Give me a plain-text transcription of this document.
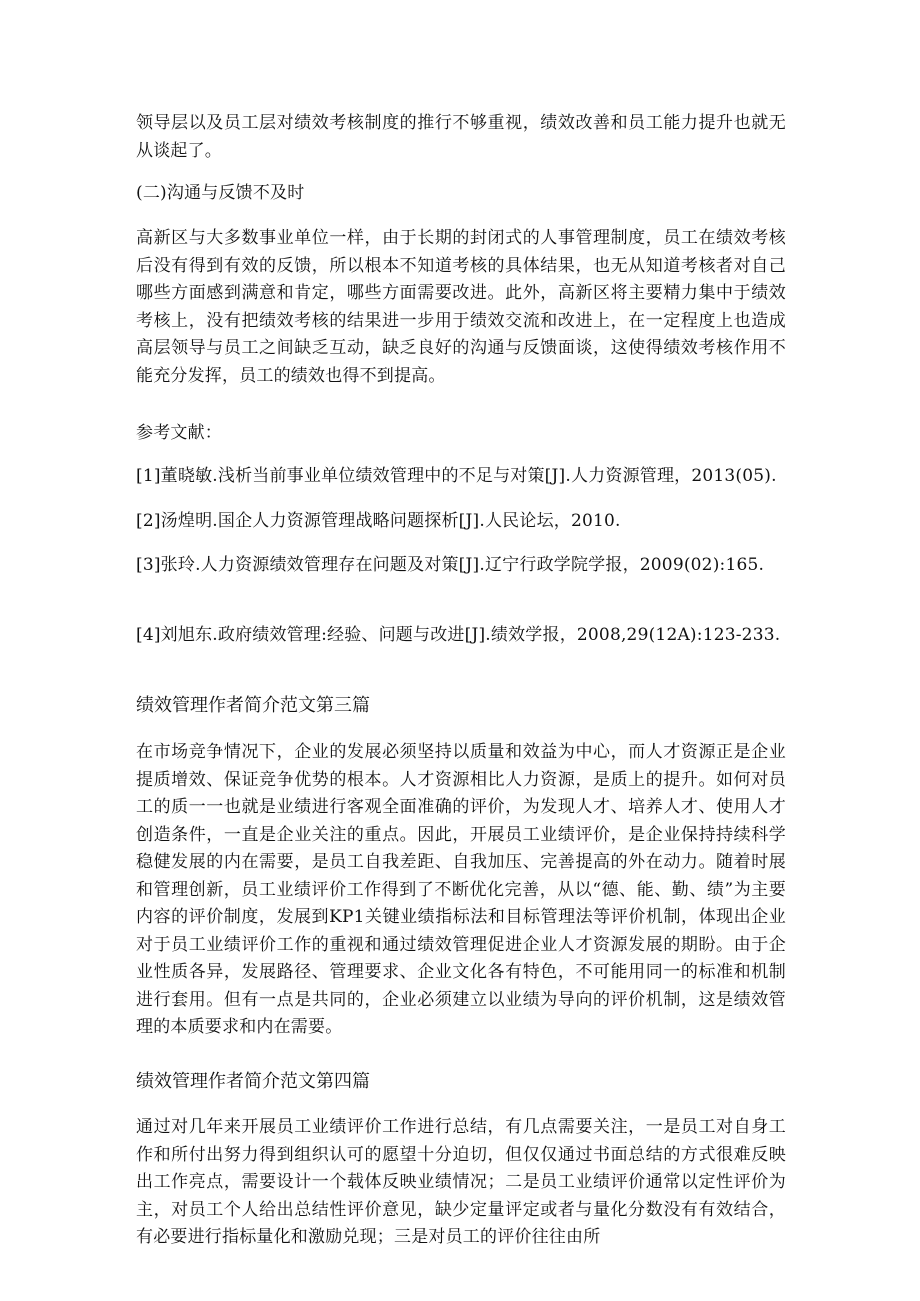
领导层以及员工层对绩效考核制度的推行不够重视，绩效改善和员工能力提升也就无从谈起了。

(二)沟通与反馈不及时

高新区与大多数事业单位一样，由于长期的封闭式的人事管理制度，员工在绩效考核后没有得到有效的反馈，所以根本不知道考核的具体结果，也无从知道考核者对自己哪些方面感到满意和肯定，哪些方面需要改进。此外，高新区将主要精力集中于绩效考核上，没有把绩效考核的结果进一步用于绩效交流和改进上，在一定程度上也造成高层领导与员工之间缺乏互动，缺乏良好的沟通与反馈面谈，这使得绩效考核作用不能充分发挥，员工的绩效也得不到提高。

参考文献：

[1]董晓敏.浅析当前事业单位绩效管理中的不足与对策[J].人力资源管理，2013(05).

[2]汤煌明.国企人力资源管理战略问题探析[J].人民论坛，2010.

[3]张玲.人力资源绩效管理存在问题及对策[J].辽宁行政学院学报，2009(02):165.

[4]刘旭东.政府绩效管理:经验、问题与改进[J].绩效学报，2008,29(12A):123-233.

绩效管理作者简介范文第三篇

在市场竞争情况下，企业的发展必须坚持以质量和效益为中心，而人才资源正是企业提质增效、保证竞争优势的根本。人才资源相比人力资源，是质上的提升。如何对员工的质一一也就是业绩进行客观全面准确的评价，为发现人才、培养人才、使用人才创造条件，一直是企业关注的重点。因此，开展员工业绩评价，是企业保持持续科学稳健发展的内在需要，是员工自我差距、自我加压、完善提高的外在动力。随着时展和管理创新，员工业绩评价工作得到了不断优化完善，从以“德、能、勤、绩”为主要内容的评价制度，发展到KP1关键业绩指标法和目标管理法等评价机制，体现出企业对于员工业绩评价工作的重视和通过绩效管理促进企业人才资源发展的期盼。由于企业性质各异，发展路径、管理要求、企业文化各有特色，不可能用同一的标准和机制进行套用。但有一点是共同的，企业必须建立以业绩为导向的评价机制，这是绩效管理的本质要求和内在需要。

绩效管理作者简介范文第四篇

通过对几年来开展员工业绩评价工作进行总结，有几点需要关注，一是员工对自身工作和所付出努力得到组织认可的愿望十分迫切，但仅仅通过书面总结的方式很难反映出工作亮点，需要设计一个载体反映业绩情况；二是员工业绩评价通常以定性评价为主，对员工个人给出总结性评价意见，缺少定量评定或者与量化分数没有有效结合，有必要进行指标量化和激励兑现；三是对员工的评价往往由所
